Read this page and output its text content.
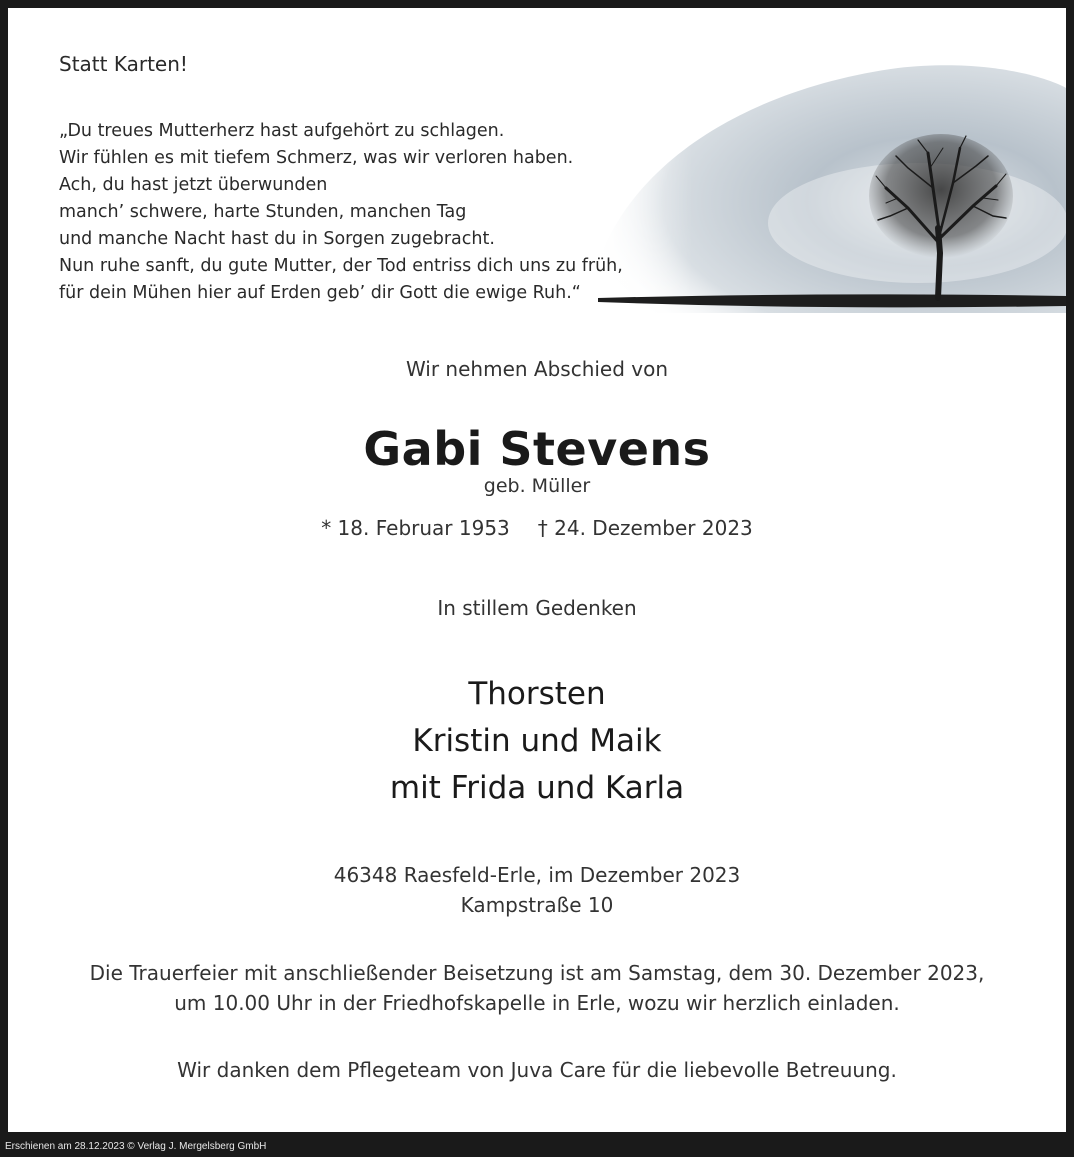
Statt Karten!
„Du treues Mutterherz hast aufgehört zu schlagen.
Wir fühlen es mit tiefem Schmerz, was wir verloren haben.
Ach, du hast jetzt überwunden
manch’ schwere, harte Stunden, manchen Tag
und manche Nacht hast du in Sorgen zugebracht.
Nun ruhe sanft, du gute Mutter, der Tod entriss dich uns zu früh,
für dein Mühen hier auf Erden geb’ dir Gott die ewige Ruh.“
Wir nehmen Abschied von
Gabi Stevens
geb. Müller
* 18. Februar 1953 † 24. Dezember 2023
In stillem Gedenken
Thorsten
Kristin und Maik
mit Frida und Karla
46348 Raesfeld-Erle, im Dezember 2023
Kampstraße 10
Die Trauerfeier mit anschließender Beisetzung ist am Samstag, dem 30. Dezember 2023,
um 10.00 Uhr in der Friedhofskapelle in Erle, wozu wir herzlich einladen.
Wir danken dem Pflegeteam von Juva Care für die liebevolle Betreuung.
Erschienen am 28.12.2023 © Verlag J. Mergelsberg GmbH
